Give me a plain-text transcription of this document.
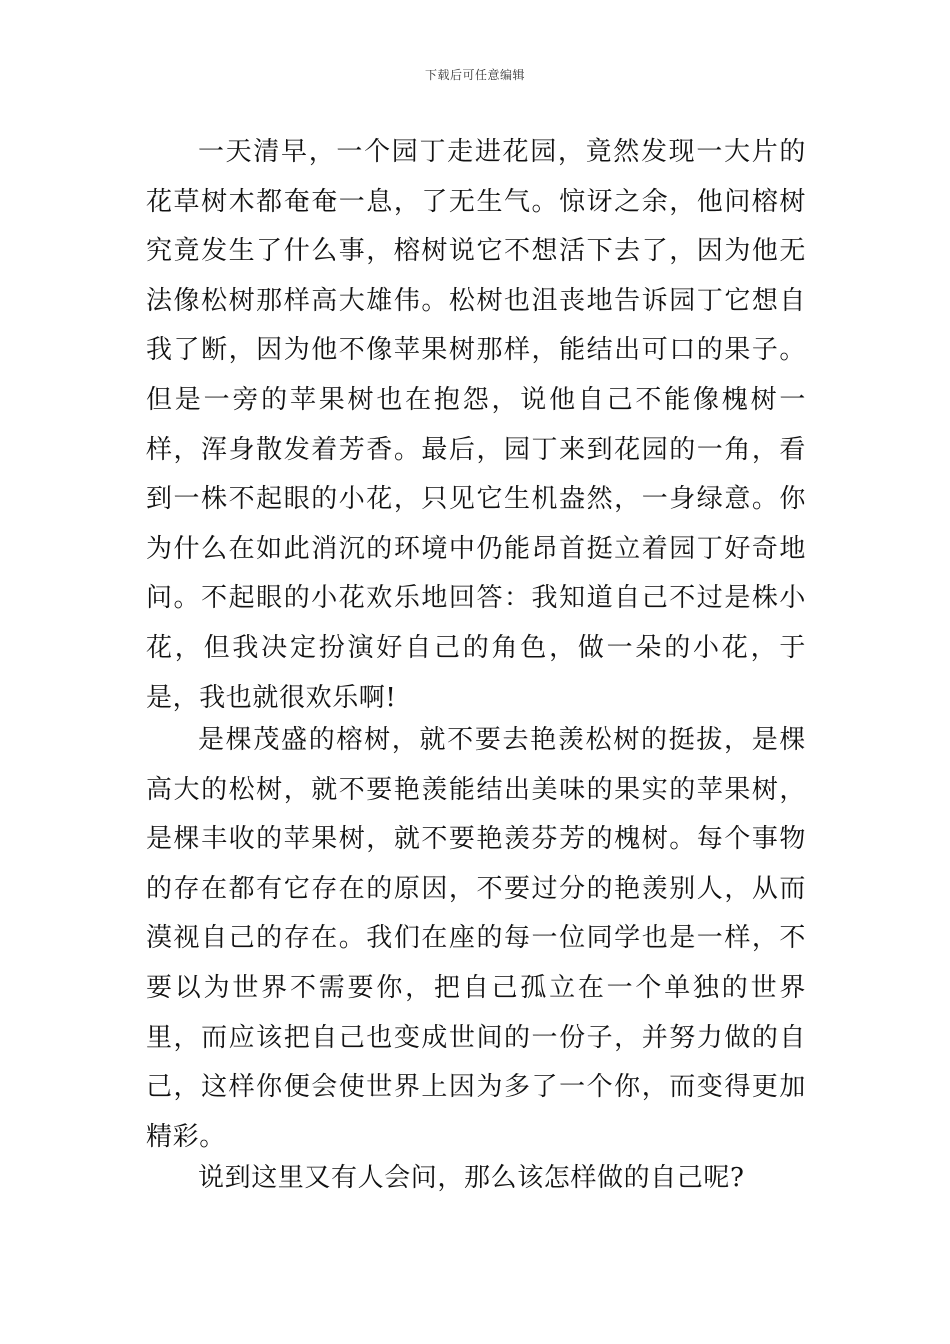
下载后可任意编辑

一天清早，一个园丁走进花园，竟然发现一大片的花草树木都奄奄一息，了无生气。惊讶之余，他问榕树究竟发生了什么事，榕树说它不想活下去了，因为他无法像松树那样高大雄伟。松树也沮丧地告诉园丁它想自我了断，因为他不像苹果树那样，能结出可口的果子。但是一旁的苹果树也在抱怨，说他自己不能像槐树一样，浑身散发着芳香。最后，园丁来到花园的一角，看到一株不起眼的小花，只见它生机盎然，一身绿意。你为什么在如此消沉的环境中仍能昂首挺立着园丁好奇地问。不起眼的小花欢乐地回答：我知道自己不过是株小花，但我决定扮演好自己的角色，做一朵的小花，于是，我也就很欢乐啊!

是棵茂盛的榕树，就不要去艳羡松树的挺拔，是棵高大的松树，就不要艳羡能结出美味的果实的苹果树，是棵丰收的苹果树，就不要艳羡芬芳的槐树。每个事物的存在都有它存在的原因，不要过分的艳羡别人，从而漠视自己的存在。我们在座的每一位同学也是一样，不要以为世界不需要你，把自己孤立在一个单独的世界里，而应该把自己也变成世间的一份子，并努力做的自己，这样你便会使世界上因为多了一个你，而变得更加精彩。

说到这里又有人会问，那么该怎样做的自己呢?
